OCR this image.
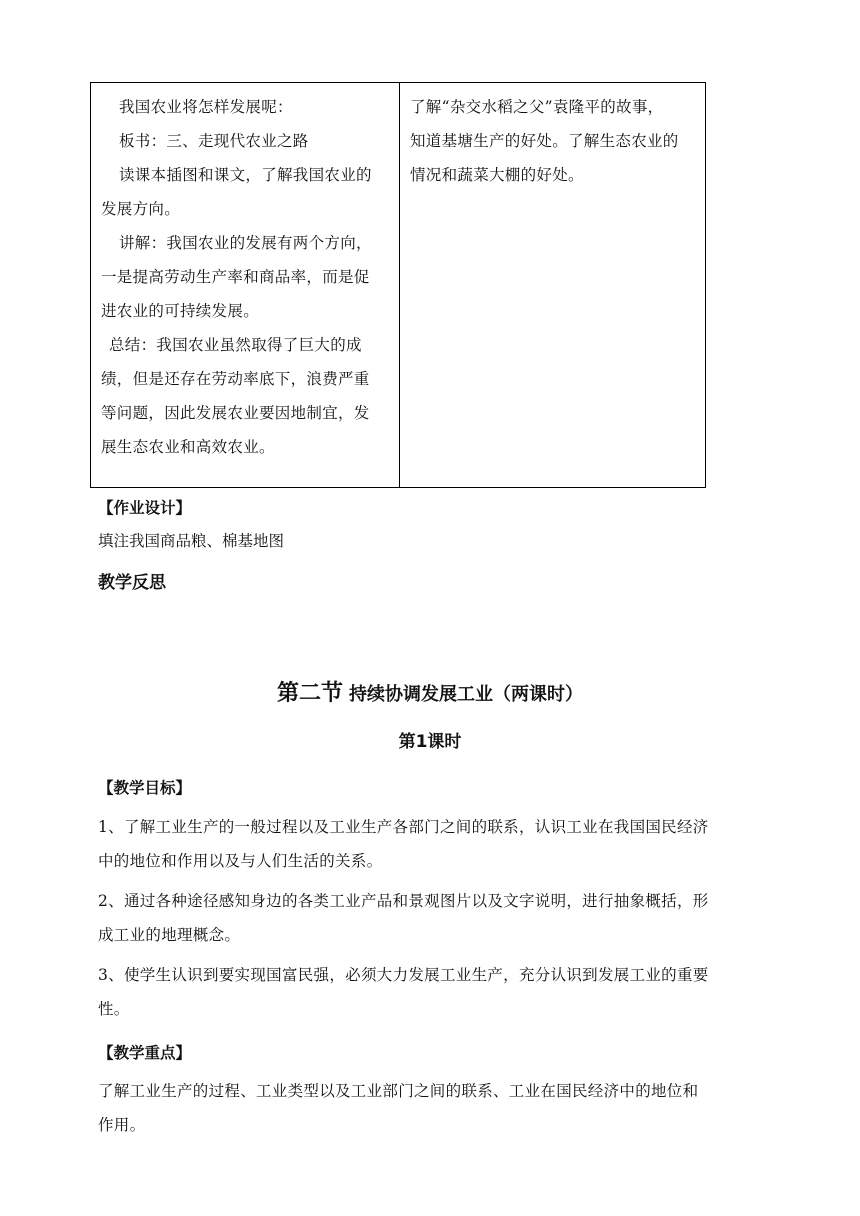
我国农业将怎样发展呢：

板书：三、走现代农业之路

读课本插图和课文，了解我国农业的

发展方向。

讲解：我国农业的发展有两个方向，

一是提高劳动生产率和商品率，而是促

进农业的可持续发展。

总结：我国农业虽然取得了巨大的成

绩，但是还存在劳动率底下，浪费严重

等问题，因此发展农业要因地制宜，发

展生态农业和高效农业。

了解“杂交水稻之父”袁隆平的故事，

知道基塘生产的好处。了解生态农业的

情况和蔬菜大棚的好处。

【作业设计】
填注我国商品粮、棉基地图
教学反思
第二节 持续协调发展工业（两课时）
第1课时
【教学目标】

1、了解工业生产的一般过程以及工业生产各部门之间的联系，认识工业在我国国民经济
中的地位和作用以及与人们生活的关系。

2、通过各种途径感知身边的各类工业产品和景观图片以及文字说明，进行抽象概括，形
成工业的地理概念。

3、使学生认识到要实现国富民强，必须大力发展工业生产，充分认识到发展工业的重要
性。

【教学重点】

了解工业生产的过程、工业类型以及工业部门之间的联系、工业在国民经济中的地位和
作用。
